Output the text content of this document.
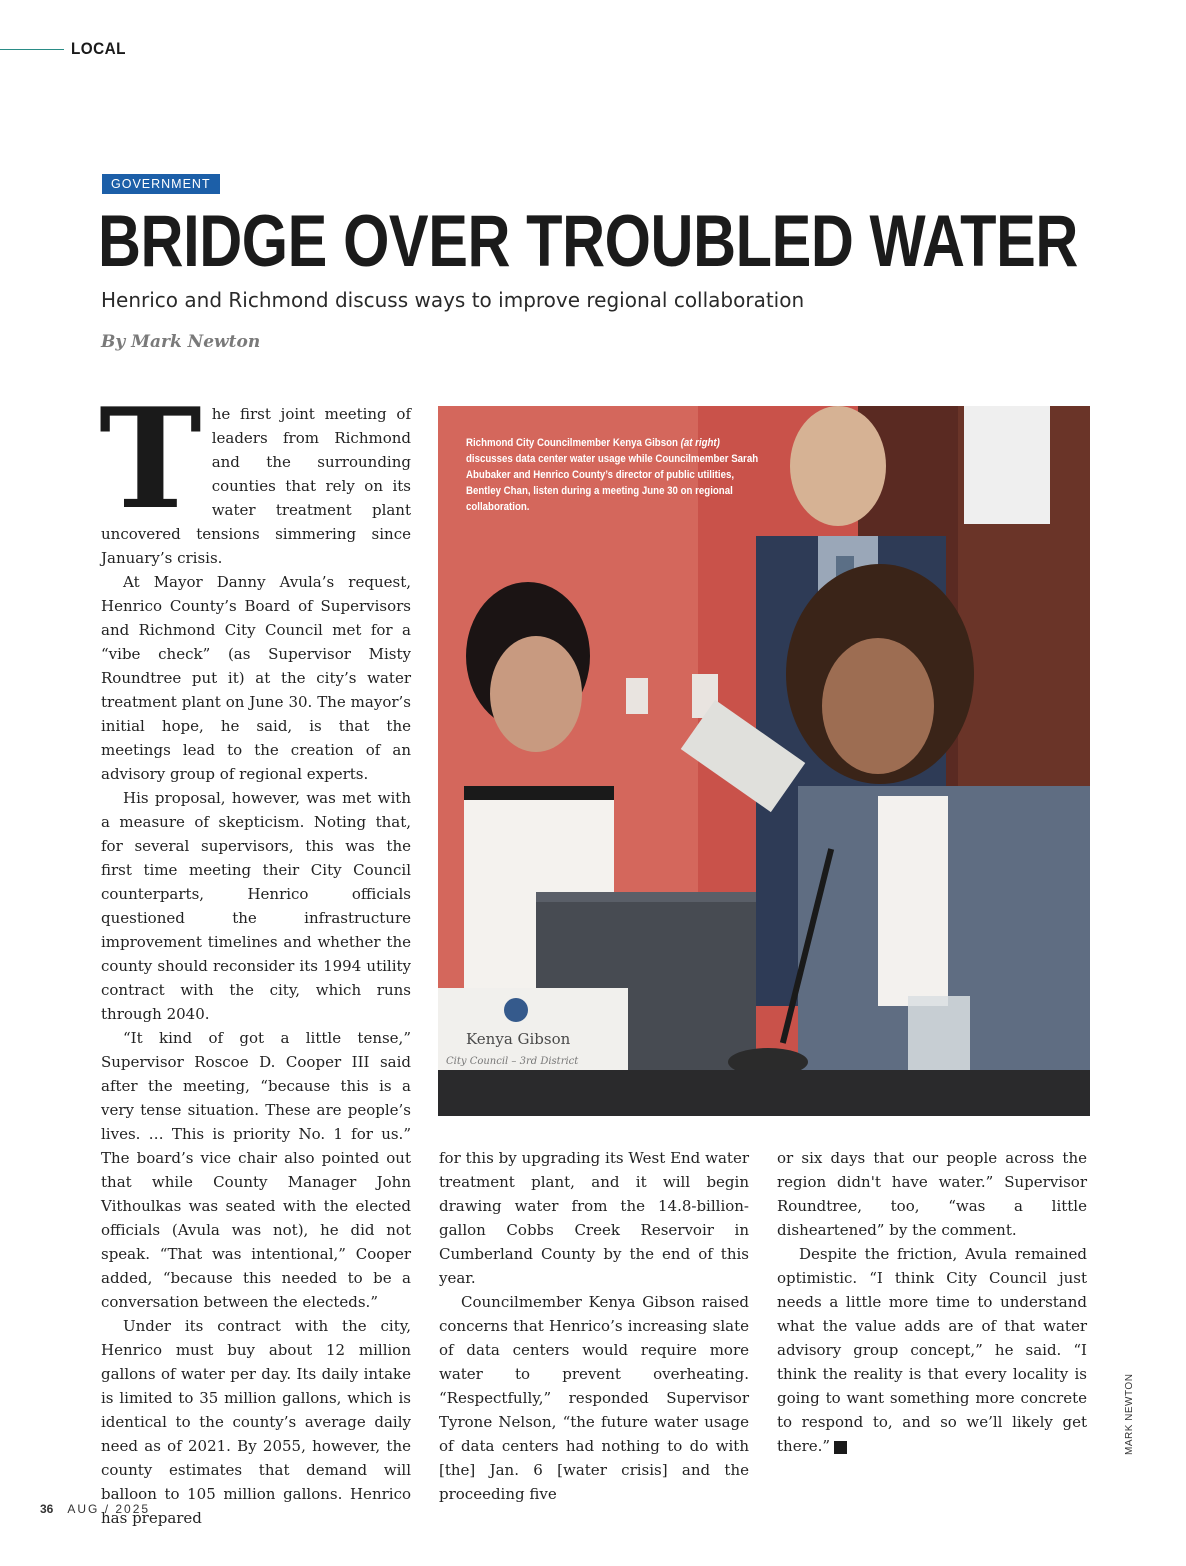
LOCAL
GOVERNMENT
BRIDGE OVER TROUBLED WATER
Henrico and Richmond discuss ways to improve regional collaboration
By Mark Newton
T he first joint meeting of leaders from Richmond and the surrounding counties that rely on its water treatment plant uncovered tensions simmering since January’s crisis.

At Mayor Danny Avula’s request, Henrico County’s Board of Supervisors and Richmond City Council met for a “vibe check” (as Supervisor Misty Roundtree put it) at the city’s water treatment plant on June 30. The mayor’s initial hope, he said, is that the meetings lead to the creation of an advisory group of regional experts.

His proposal, however, was met with a measure of skepticism. Noting that, for several supervisors, this was the first time meeting their City Council counterparts, Henrico officials questioned the infrastructure improvement timelines and whether the county should reconsider its 1994 utility contract with the city, which runs through 2040.

“It kind of got a little tense,” Supervisor Roscoe D. Cooper III said after the meeting, “because this is a very tense situation. These are people’s lives. … This is priority No. 1 for us.” The board’s vice chair also pointed out that while County Manager John Vithoulkas was seated with the elected officials (Avula was not), he did not speak. “That was intentional,” Cooper added, “because this needed to be a conversation between the electeds.”

Under its contract with the city, Henrico must buy about 12 million gallons of water per day. Its daily intake is limited to 35 million gallons, which is identical to the county’s average daily need as of 2021. By 2055, however, the county estimates that demand will balloon to 105 million gallons. Henrico has prepared

Kenya Gibson
City Council – 3rd District
Richmond City Councilmember Kenya Gibson (at right) discusses data center water usage while Councilmember Sarah Abubaker and Henrico County’s director of public utilities, Bentley Chan, listen during a meeting June 30 on regional collaboration.

for this by upgrading its West End water treatment plant, and it will begin drawing water from the 14.8-billion-gallon Cobbs Creek Reservoir in Cumberland County by the end of this year.

Councilmember Kenya Gibson raised concerns that Henrico’s increasing slate of data centers would require more water to prevent overheating. “Respectfully,” responded Supervisor Tyrone Nelson, “the future water usage of data centers had nothing to do with [the] Jan. 6 [water crisis] and the proceeding five

or six days that our people across the region didn't have water.” Supervisor Roundtree, too, “was a little disheartened” by the comment.

Despite the friction, Avula remained optimistic. “I think City Council just needs a little more time to understand what the value adds are of that water advisory group concept,” he said. “I think the reality is that every locality is going to want something more concrete to respond to, and so we’ll likely get there.”	R	MARK NEWTON
36 AUG / 2025
